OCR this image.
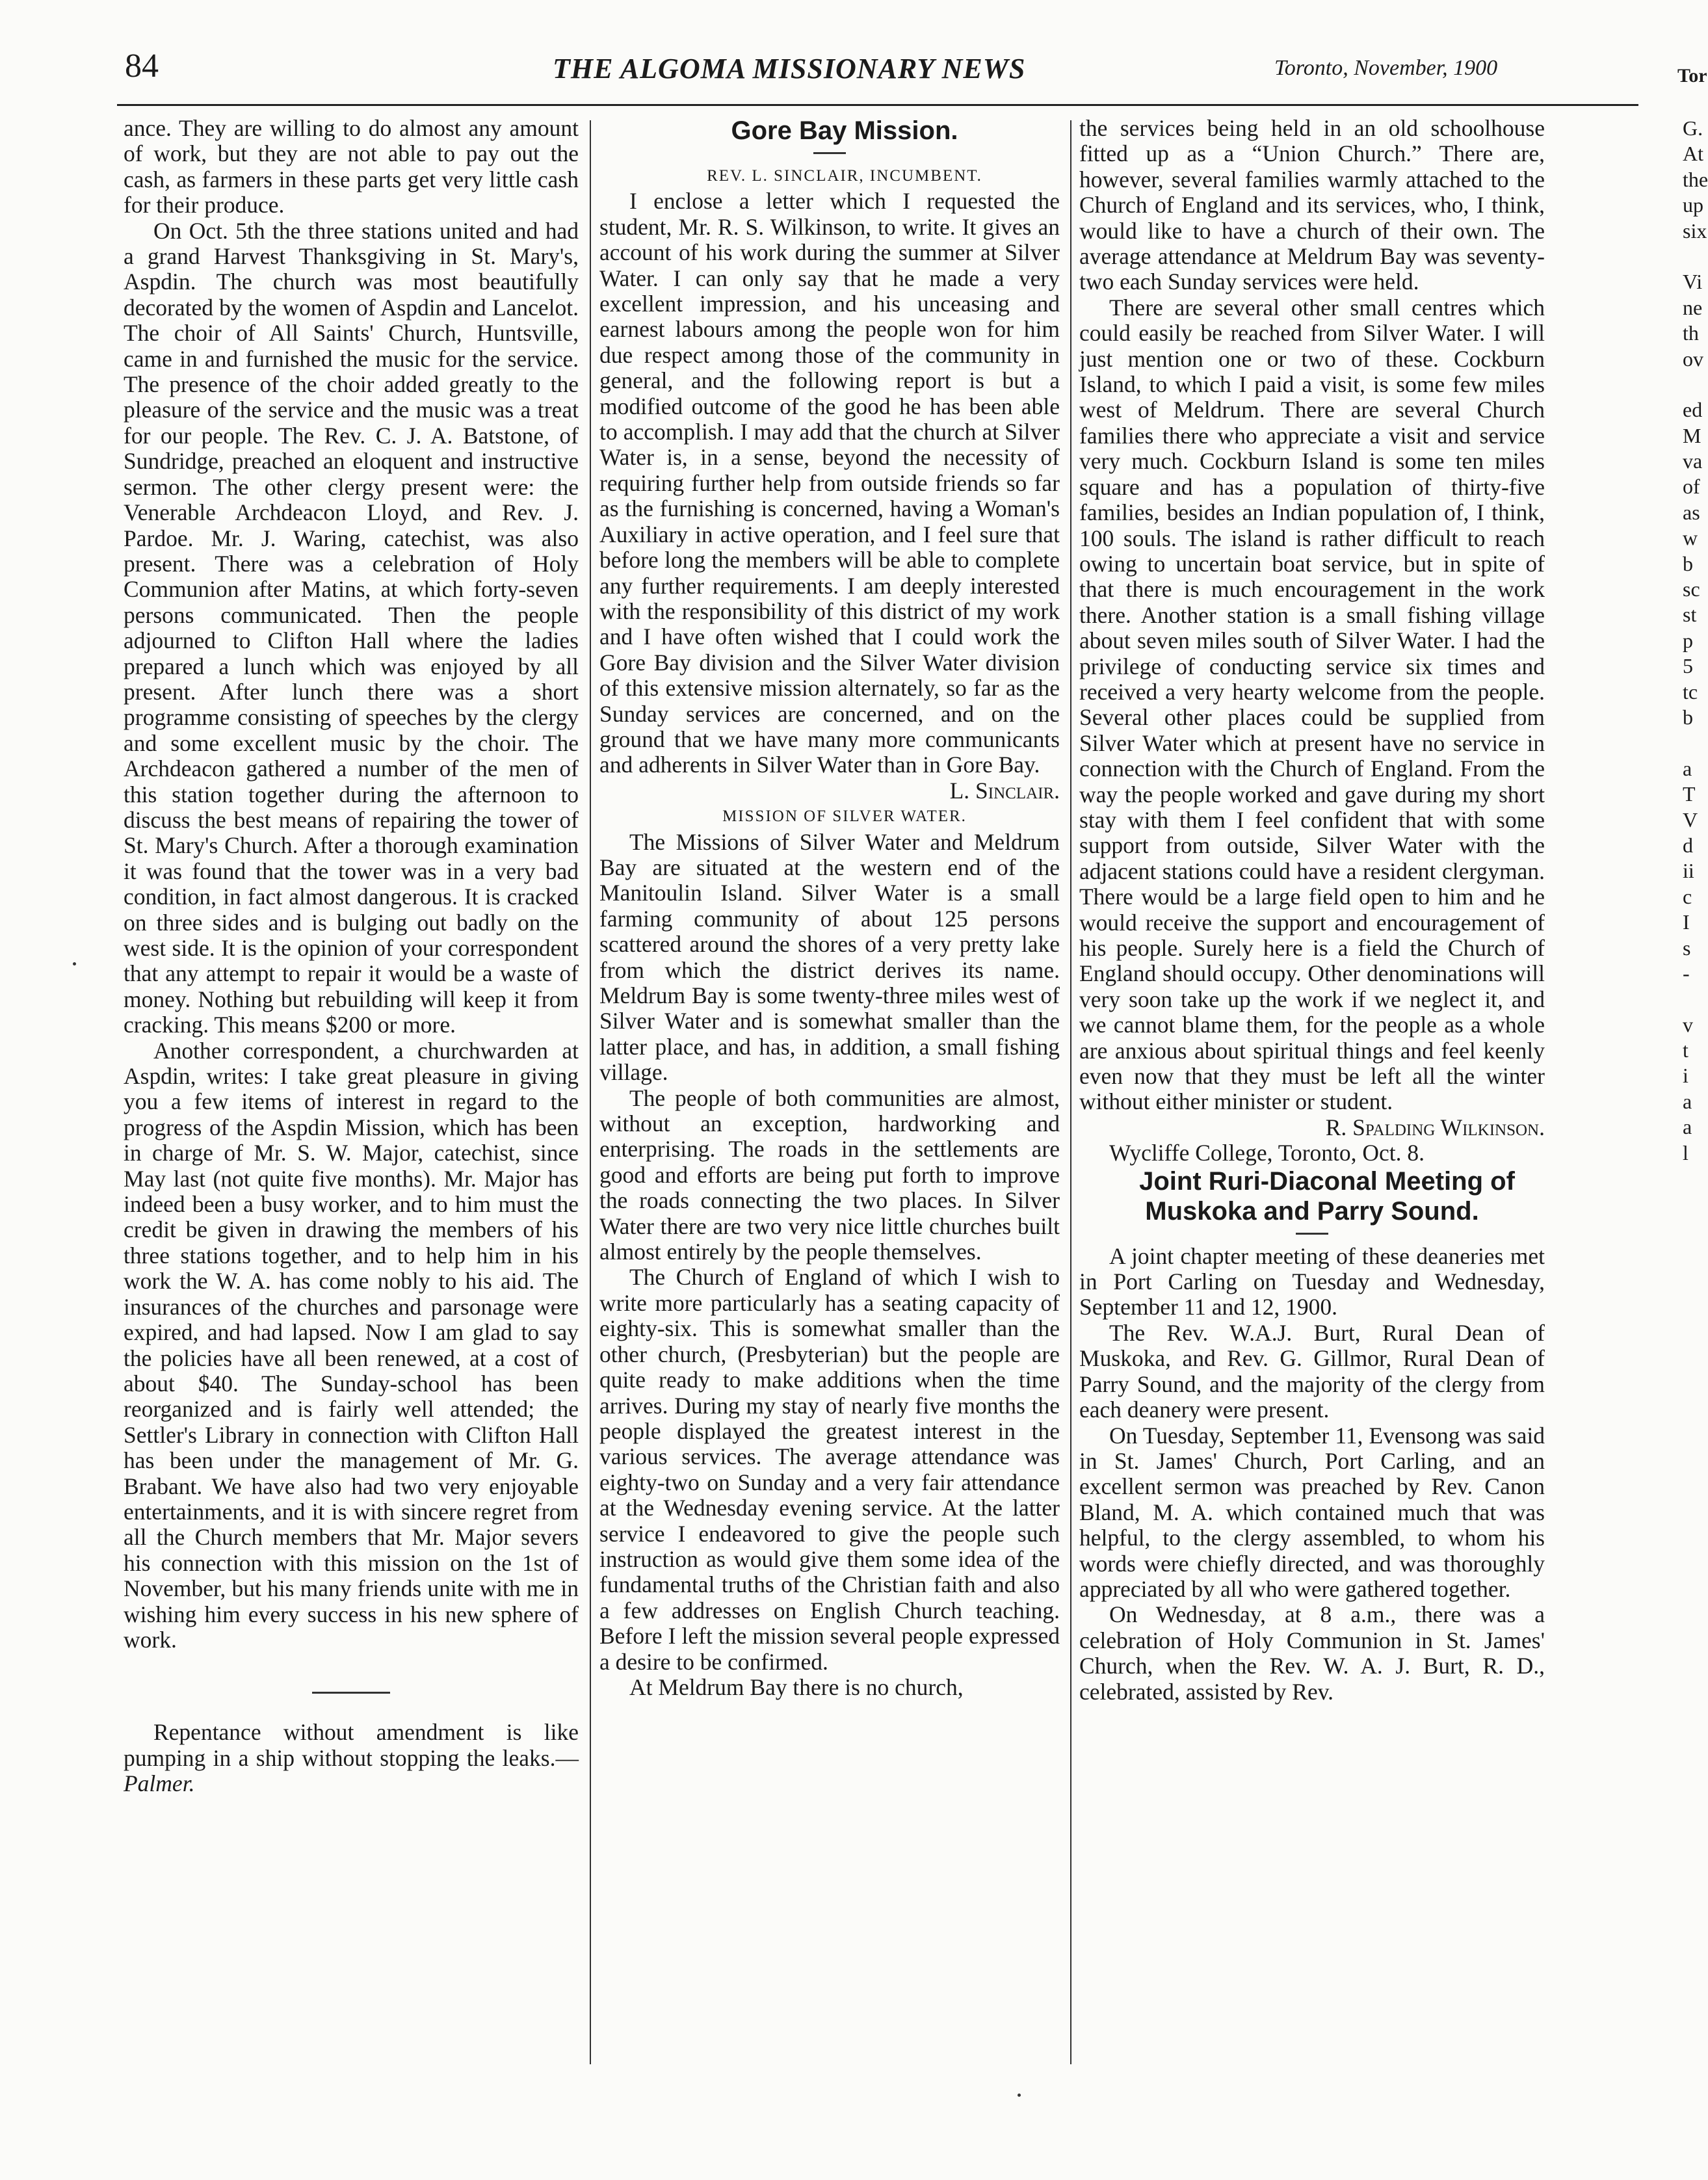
84	THE ALGOMA MISSIONARY NEWS	Toronto, November, 1900	Tor

ance. They are willing to do almost any amount of work, but they are not able to pay out the cash, as farmers in these parts get very little cash for their produce.

On Oct. 5th the three stations united and had a grand Harvest Thanksgiving in St. Mary's, Aspdin. The church was most beautifully decorated by the women of Aspdin and Lancelot. The choir of All Saints' Church, Huntsville, came in and furnished the music for the service. The presence of the choir added greatly to the pleasure of the service and the music was a treat for our people. The Rev. C. J. A. Batstone, of Sundridge, preached an eloquent and instructive sermon. The other clergy present were: the Venerable Archdeacon Lloyd, and Rev. J. Pardoe. Mr. J. Waring, catechist, was also present. There was a celebration of Holy Communion after Matins, at which forty-seven persons communicated. Then the people adjourned to Clifton Hall where the ladies prepared a lunch which was enjoyed by all present. After lunch there was a short programme consisting of speeches by the clergy and some excellent music by the choir. The Archdeacon gathered a number of the men of this station together during the afternoon to discuss the best means of repairing the tower of St. Mary's Church. After a thorough examination it was found that the tower was in a very bad condition, in fact almost dangerous. It is cracked on three sides and is bulging out badly on the west side. It is the opinion of your correspondent that any attempt to repair it would be a waste of money. Nothing but rebuilding will keep it from cracking. This means $200 or more.

Another correspondent, a churchwarden at Aspdin, writes: I take great pleasure in giving you a few items of interest in regard to the progress of the Aspdin Mission, which has been in charge of Mr. S. W. Major, catechist, since May last (not quite five months). Mr. Major has indeed been a busy worker, and to him must the credit be given in drawing the members of his three stations together, and to help him in his work the W. A. has come nobly to his aid. The insurances of the churches and parsonage were expired, and had lapsed. Now I am glad to say the policies have all been renewed, at a cost of about $40. The Sunday-school has been reorganized and is fairly well attended; the Settler's Library in connection with Clifton Hall has been under the management of Mr. G. Brabant. We have also had two very enjoyable entertainments, and it is with sincere regret from all the Church members that Mr. Major severs his connection with this mission on the 1st of November, but his many friends unite with me in wishing him every success in his new sphere of work.

Repentance without amendment is like pumping in a ship without stopping the leaks.—Palmer.

Gore Bay Mission.

REV. L. SINCLAIR, INCUMBENT.

I enclose a letter which I requested the student, Mr. R. S. Wilkinson, to write. It gives an account of his work during the summer at Silver Water. I can only say that he made a very excellent impression, and his unceasing and earnest labours among the people won for him due respect among those of the community in general, and the following report is but a modified outcome of the good he has been able to accomplish. I may add that the church at Silver Water is, in a sense, beyond the necessity of requiring further help from outside friends so far as the furnishing is concerned, having a Woman's Auxiliary in active operation, and I feel sure that before long the members will be able to complete any further requirements. I am deeply interested with the responsibility of this district of my work and I have often wished that I could work the Gore Bay division and the Silver Water division of this extensive mission alternately, so far as the Sunday services are concerned, and on the ground that we have many more communicants and adherents in Silver Water than in Gore Bay.

L. Sinclair.

MISSION OF SILVER WATER.

The Missions of Silver Water and Meldrum Bay are situated at the western end of the Manitoulin Island. Silver Water is a small farming community of about 125 persons scattered around the shores of a very pretty lake from which the district derives its name. Meldrum Bay is some twenty-three miles west of Silver Water and is somewhat smaller than the latter place, and has, in addition, a small fishing village.

The people of both communities are almost, without an exception, hardworking and enterprising. The roads in the settlements are good and efforts are being put forth to improve the roads connecting the two places. In Silver Water there are two very nice little churches built almost entirely by the people themselves.

The Church of England of which I wish to write more particularly has a seating capacity of eighty-six. This is somewhat smaller than the other church, (Presbyterian) but the people are quite ready to make additions when the time arrives. During my stay of nearly five months the people displayed the greatest interest in the various services. The average attendance was eighty-two on Sunday and a very fair attendance at the Wednesday evening service. At the latter service I endeavored to give the people such instruction as would give them some idea of the fundamental truths of the Christian faith and also a few addresses on English Church teaching. Before I left the mission several people expressed a desire to be confirmed.

At Meldrum Bay there is no church,

the services being held in an old schoolhouse fitted up as a “Union Church.” There are, however, several families warmly attached to the Church of England and its services, who, I think, would like to have a church of their own. The average attendance at Meldrum Bay was seventy-two each Sunday services were held.

There are several other small centres which could easily be reached from Silver Water. I will just mention one or two of these. Cockburn Island, to which I paid a visit, is some few miles west of Meldrum. There are several Church families there who appreciate a visit and service very much. Cockburn Island is some ten miles square and has a population of thirty-five families, besides an Indian population of, I think, 100 souls. The island is rather difficult to reach owing to uncertain boat service, but in spite of that there is much encouragement in the work there. Another station is a small fishing village about seven miles south of Silver Water. I had the privilege of conducting service six times and received a very hearty welcome from the people. Several other places could be supplied from Silver Water which at present have no service in connection with the Church of England. From the way the people worked and gave during my short stay with them I feel confident that with some support from outside, Silver Water with the adjacent stations could have a resident clergyman. There would be a large field open to him and he would receive the support and encouragement of his people. Surely here is a field the Church of England should occupy. Other denominations will very soon take up the work if we neglect it, and we cannot blame them, for the people as a whole are anxious about spiritual things and feel keenly even now that they must be left all the winter without either minister or student.

R. Spalding Wilkinson.

Wycliffe College, Toronto, Oct. 8.

Joint Ruri-Diaconal Meeting of Muskoka and Parry Sound.

A joint chapter meeting of these deaneries met in Port Carling on Tuesday and Wednesday, September 11 and 12, 1900.

The Rev. W.A.J. Burt, Rural Dean of Muskoka, and Rev. G. Gillmor, Rural Dean of Parry Sound, and the majority of the clergy from each deanery were present.

On Tuesday, September 11, Evensong was said in St. James' Church, Port Carling, and an excellent sermon was preached by Rev. Canon Bland, M. A. which contained much that was helpful, to the clergy assembled, to whom his words were chiefly directed, and was thoroughly appreciated by all who were gathered together.

On Wednesday, at 8 a.m., there was a celebration of Holy Communion in St. James' Church, when the Rev. W. A. J. Burt, R. D., celebrated, assisted by Rev.

G.
At
the
up
six
Vi
ne
th
ov
ed
M
va
of
as
w
b
sc
st
p
5
tc
b
a
T
V
d
ii
c
I
s
-
v
t
i
a
a
l
